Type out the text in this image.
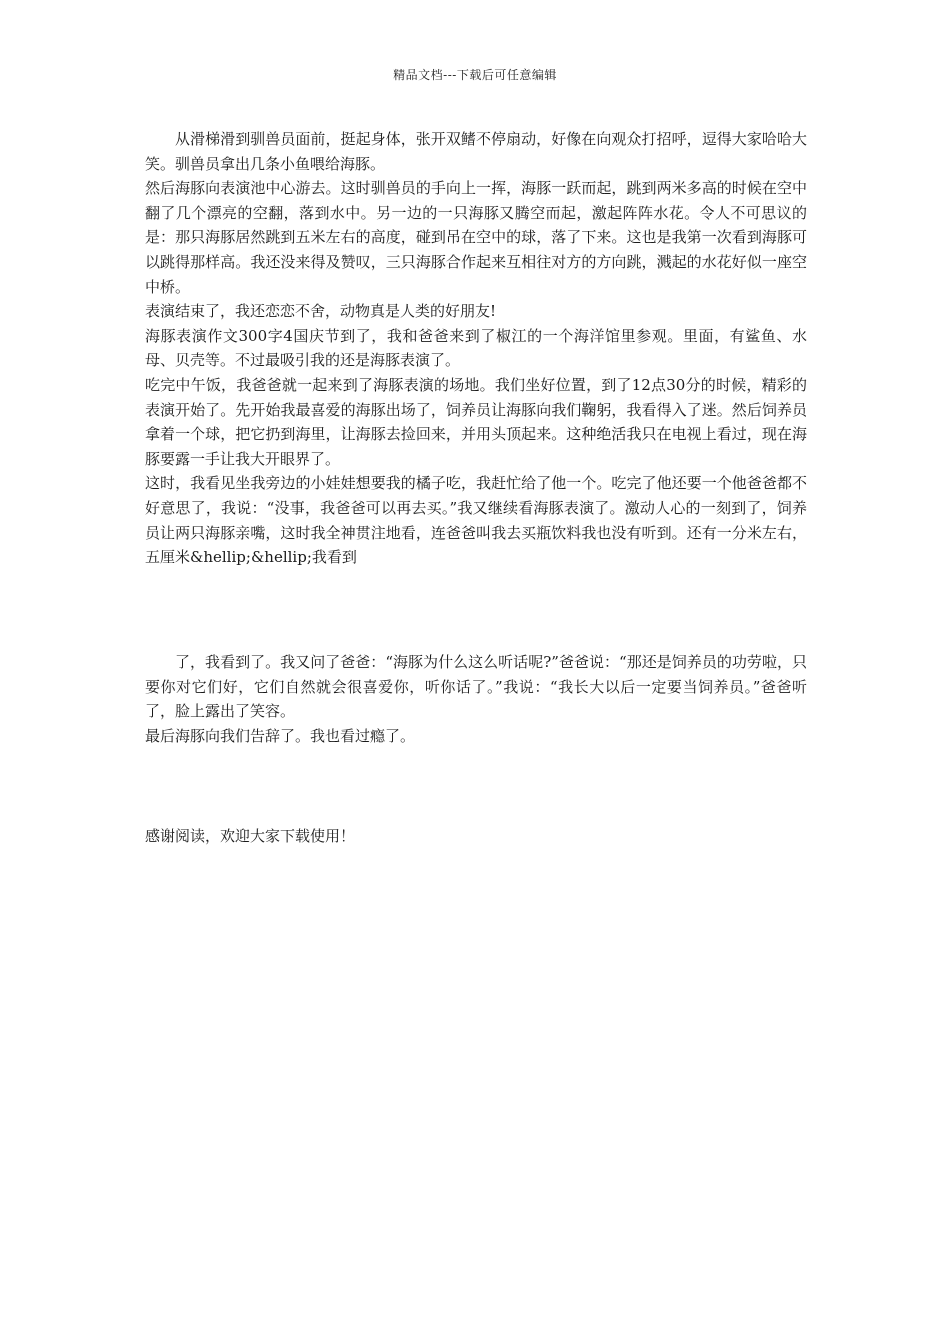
精品文档---下载后可任意编辑

从滑梯滑到驯兽员面前，挺起身体，张开双鳍不停扇动，好像在向观众打招呼，逗得大家哈哈大笑。驯兽员拿出几条小鱼喂给海豚。

然后海豚向表演池中心游去。这时驯兽员的手向上一挥，海豚一跃而起，跳到两米多高的时候在空中翻了几个漂亮的空翻，落到水中。另一边的一只海豚又腾空而起，激起阵阵水花。令人不可思议的是：那只海豚居然跳到五米左右的高度，碰到吊在空中的球，落了下来。这也是我第一次看到海豚可以跳得那样高。我还没来得及赞叹，三只海豚合作起来互相往对方的方向跳，溅起的水花好似一座空中桥。

表演结束了，我还恋恋不舍，动物真是人类的好朋友!

海豚表演作文300字4国庆节到了，我和爸爸来到了椒江的一个海洋馆里参观。里面，有鲨鱼、水母、贝壳等。不过最吸引我的还是海豚表演了。

吃完中午饭，我爸爸就一起来到了海豚表演的场地。我们坐好位置，到了12点30分的时候，精彩的表演开始了。先开始我最喜爱的海豚出场了，饲养员让海豚向我们鞠躬，我看得入了迷。然后饲养员拿着一个球，把它扔到海里，让海豚去捡回来，并用头顶起来。这种绝活我只在电视上看过，现在海豚要露一手让我大开眼界了。

这时，我看见坐我旁边的小娃娃想要我的橘子吃，我赶忙给了他一个。吃完了他还要一个他爸爸都不好意思了，我说：“没事，我爸爸可以再去买。”我又继续看海豚表演了。激动人心的一刻到了，饲养员让两只海豚亲嘴，这时我全神贯注地看，连爸爸叫我去买瓶饮料我也没有听到。还有一分米左右，五厘米&hellip;&hellip;我看到

了，我看到了。我又问了爸爸：“海豚为什么这么听话呢?”爸爸说：“那还是饲养员的功劳啦，只要你对它们好，它们自然就会很喜爱你，听你话了。”我说：“我长大以后一定要当饲养员。”爸爸听了，脸上露出了笑容。

最后海豚向我们告辞了。我也看过瘾了。

感谢阅读，欢迎大家下载使用！
